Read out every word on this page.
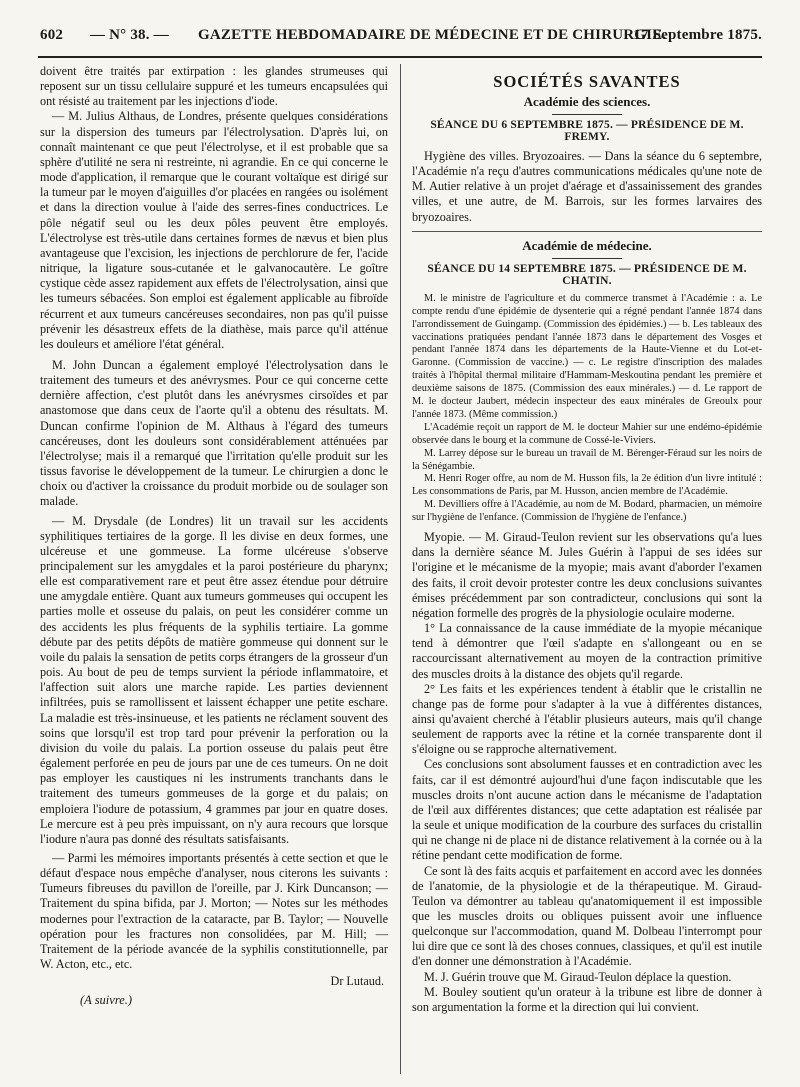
602 — N° 38. — GAZETTE HEBDOMADAIRE DE MÉDECINE ET DE CHIRURGIE.
17 Septembre 1875.

doivent être traités par extirpation : les glandes strumeuses qui reposent sur un tissu cellulaire suppuré et les tumeurs encapsulées qui ont résisté au traitement par les injections d'iode.

— M. Julius Althaus, de Londres, présente quelques considérations sur la dispersion des tumeurs par l'électrolysation. D'après lui, on connaît maintenant ce que peut l'électrolyse, et il est probable que sa sphère d'utilité ne sera ni restreinte, ni agrandie. En ce qui concerne le mode d'application, il remarque que le courant voltaïque est dirigé sur la tumeur par le moyen d'aiguilles d'or placées en rangées ou isolément et dans la direction voulue à l'aide des serres-fines conductrices. Le pôle négatif seul ou les deux pôles peuvent être employés. L'électrolyse est très-utile dans certaines formes de nævus et bien plus avantageuse que l'excision, les injections de perchlorure de fer, l'acide nitrique, la ligature sous-cutanée et le galvanocautère. Le goître cystique cède assez rapidement aux effets de l'électrolysation, ainsi que les tumeurs sébacées. Son emploi est également applicable au fibroïde récurrent et aux tumeurs cancéreuses secondaires, non pas qu'il puisse prévenir les désastreux effets de la diathèse, mais parce qu'il atténue les douleurs et améliore l'état général.

M. John Duncan a également employé l'électrolysation dans le traitement des tumeurs et des anévrysmes. Pour ce qui concerne cette dernière affection, c'est plutôt dans les anévrysmes cirsoïdes et par anastomose que dans ceux de l'aorte qu'il a obtenu des résultats. M. Duncan confirme l'opinion de M. Althaus à l'égard des tumeurs cancéreuses, dont les douleurs sont considérablement atténuées par l'électrolyse; mais il a remarqué que l'irritation qu'elle produit sur les tissus favorise le développement de la tumeur. Le chirurgien a donc le choix ou d'activer la croissance du produit morbide ou de soulager son malade.

— M. Drysdale (de Londres) lit un travail sur les accidents syphilitiques tertiaires de la gorge. Il les divise en deux formes, une ulcéreuse et une gommeuse. La forme ulcéreuse s'observe principalement sur les amygdales et la paroi postérieure du pharynx; elle est comparativement rare et peut être assez étendue pour détruire une amygdale entière. Quant aux tumeurs gommeuses qui occupent les parties molle et osseuse du palais, on peut les considérer comme un des accidents les plus fréquents de la syphilis tertiaire. La gomme débute par des petits dépôts de matière gommeuse qui donnent sur le voile du palais la sensation de petits corps étrangers de la grosseur d'un pois. Au bout de peu de temps survient la période inflammatoire, et l'affection suit alors une marche rapide. Les parties deviennent infiltrées, puis se ramollissent et laissent échapper une petite eschare. La maladie est très-insinueuse, et les patients ne réclament souvent des soins que lorsqu'il est trop tard pour prévenir la perforation ou la division du voile du palais. La portion osseuse du palais peut être également perforée en peu de jours par une de ces tumeurs. On ne doit pas employer les caustiques ni les instruments tranchants dans le traitement des tumeurs gommeuses de la gorge et du palais; on emploiera l'iodure de potassium, 4 grammes par jour en quatre doses. Le mercure est à peu près impuissant, on n'y aura recours que lorsque l'iodure n'aura pas donné des résultats satisfaisants.

— Parmi les mémoires importants présentés à cette section et que le défaut d'espace nous empêche d'analyser, nous citerons les suivants : Tumeurs fibreuses du pavillon de l'oreille, par J. Kirk Duncanson; — Traitement du spina bifida, par J. Morton; — Notes sur les méthodes modernes pour l'extraction de la cataracte, par B. Taylor; — Nouvelle opération pour les fractures non consolidées, par M. Hill; — Traitement de la période avancée de la syphilis constitutionnelle, par W. Acton, etc., etc.

Dr Lutaud.
(A suivre.)
SOCIÉTÉS SAVANTES
Académie des sciences.
SÉANCE DU 6 SEPTEMBRE 1875. — PRÉSIDENCE DE M. FREMY.

Hygiène des villes. Bryozoaires. — Dans la séance du 6 septembre, l'Académie n'a reçu d'autres communications médicales qu'une note de M. Autier relative à un projet d'aérage et d'assainissement des grandes villes, et une autre, de M. Barrois, sur les formes larvaires des bryozoaires.

Académie de médecine.
SÉANCE DU 14 SEPTEMBRE 1875. — PRÉSIDENCE DE M. CHATIN.

M. le ministre de l'agriculture et du commerce transmet à l'Académie : a. Le compte rendu d'une épidémie de dysenterie qui a régné pendant l'année 1874 dans l'arrondissement de Guingamp. (Commission des épidémies.) — b. Les tableaux des vaccinations pratiquées pendant l'année 1873 dans le département des Vosges et pendant l'année 1874 dans les départements de la Haute-Vienne et du Lot-et-Garonne. (Commission de vaccine.) — c. Le registre d'inscription des malades traités à l'hôpital thermal militaire d'Hammam-Meskoutina pendant les première et deuxième saisons de 1875. (Commission des eaux minérales.) — d. Le rapport de M. le docteur Jaubert, médecin inspecteur des eaux minérales de Greoulx pour l'année 1873. (Même commission.)

L'Académie reçoit un rapport de M. le docteur Mahier sur une endémo-épidémie observée dans le bourg et la commune de Cossé-le-Viviers.

M. Larrey dépose sur le bureau un travail de M. Bérenger-Féraud sur les noirs de la Sénégambie.

M. Henri Roger offre, au nom de M. Husson fils, la 2e édition d'un livre intitulé : Les consommations de Paris, par M. Husson, ancien membre de l'Académie.

M. Devilliers offre à l'Académie, au nom de M. Bodard, pharmacien, un mémoire sur l'hygiène de l'enfance. (Commission de l'hygiène de l'enfance.)

Myopie. — M. Giraud-Teulon revient sur les observations qu'a lues dans la dernière séance M. Jules Guérin à l'appui de ses idées sur l'origine et le mécanisme de la myopie; mais avant d'aborder l'examen des faits, il croit devoir protester contre les deux conclusions suivantes émises précédemment par son contradicteur, conclusions qui sont la négation formelle des progrès de la physiologie oculaire moderne.

1° La connaissance de la cause immédiate de la myopie mécanique tend à démontrer que l'œil s'adapte en s'allongeant ou en se raccourcissant alternativement au moyen de la contraction primitive des muscles droits à la distance des objets qu'il regarde.

2° Les faits et les expériences tendent à établir que le cristallin ne change pas de forme pour s'adapter à la vue à différentes distances, ainsi qu'avaient cherché à l'établir plusieurs auteurs, mais qu'il change seulement de rapports avec la rétine et la cornée transparente dont il s'éloigne ou se rapproche alternativement.

Ces conclusions sont absolument fausses et en contradiction avec les faits, car il est démontré aujourd'hui d'une façon indiscutable que les muscles droits n'ont aucune action dans le mécanisme de l'adaptation de l'œil aux différentes distances; que cette adaptation est réalisée par la seule et unique modification de la courbure des surfaces du cristallin qui ne change ni de place ni de distance relativement à la cornée ou à la rétine pendant cette modification de forme.

Ce sont là des faits acquis et parfaitement en accord avec les données de l'anatomie, de la physiologie et de la thérapeutique. M. Giraud-Teulon va démontrer au tableau qu'anatomiquement il est impossible que les muscles droits ou obliques puissent avoir une influence quelconque sur l'accommodation, quand M. Dolbeau l'interrompt pour lui dire que ce sont là des choses connues, classiques, et qu'il est inutile d'en donner une démonstration à l'Académie.

M. J. Guérin trouve que M. Giraud-Teulon déplace la question.

M. Bouley soutient qu'un orateur à la tribune est libre de donner à son argumentation la forme et la direction qui lui convient.
